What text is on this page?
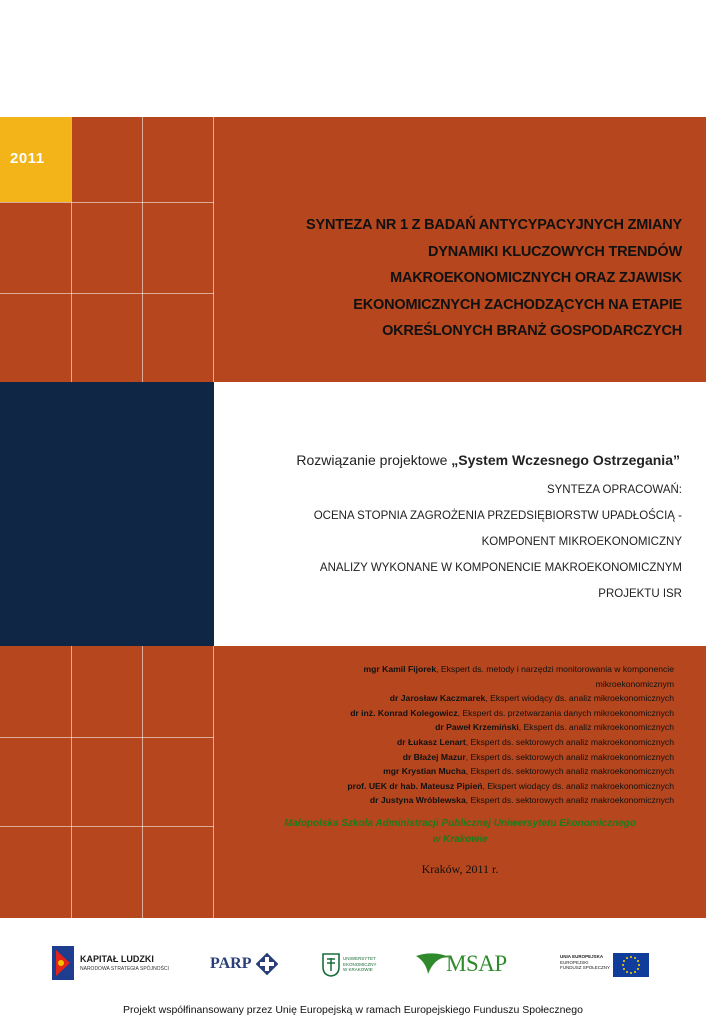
2011
SYNTEZA NR 1 Z BADAŃ ANTYCYPACYJNYCH ZMIANY
DYNAMIKI KLUCZOWYCH TRENDÓW
MAKROEKONOMICZNYCH ORAZ ZJAWISK
EKONOMICZNYCH ZACHODZĄCYCH NA ETAPIE
OKREŚLONYCH BRANŻ GOSPODARCZYCH
Rozwiązanie projektowe „System Wczesnego Ostrzegania”
SYNTEZA OPRACOWAŃ:
OCENA STOPNIA ZAGROŻENIA PRZEDSIĘBIORSTW UPADŁOŚCIĄ -
KOMPONENT MIKROEKONOMICZNY
ANALIZY WYKONANE W KOMPONENCIE MAKROEKONOMICZNYM
PROJEKTU ISR
mgr Kamil Fijorek, Ekspert ds. metody i narzędzi monitorowania w komponencie
mikroekonomicznym
dr Jarosław Kaczmarek, Ekspert wiodący ds. analiz mikroekonomicznych
dr inż. Konrad Kolegowicz, Ekspert ds. przetwarzania danych mikroekonomicznych
dr Paweł Krzemiński, Ekspert ds. analiz mikroekonomicznych
dr Łukasz Lenart, Ekspert ds. sektorowych analiz makroekonomicznych
dr Błażej Mazur, Ekspert ds. sektorowych analiz makroekonomicznych
mgr Krystian Mucha, Ekspert ds. sektorowych analiz makroekonomicznych
prof. UEK dr hab. Mateusz Pipień, Ekspert wiodący ds. analiz makroekonomicznych
dr Justyna Wróblewska, Ekspert ds. sektorowych analiz makroekonomicznych
Małopolska Szkoła Administracji Publicznej Uniwersytetu Ekonomicznego
w Krakowie
Kraków, 2011 r.
KAPITAŁ LUDZKI
NARODOWA STRATEGIA SPÓJNOŚCI	PARP	UNIWERSYTET
EKONOMICZNY
W KRAKOWIE	MSAP	UNIA EUROPEJSKA
EUROPEJSKI
FUNDUSZ SPOŁECZNY
Projekt współfinansowany przez Unię Europejską w ramach Europejskiego Funduszu Społecznego
